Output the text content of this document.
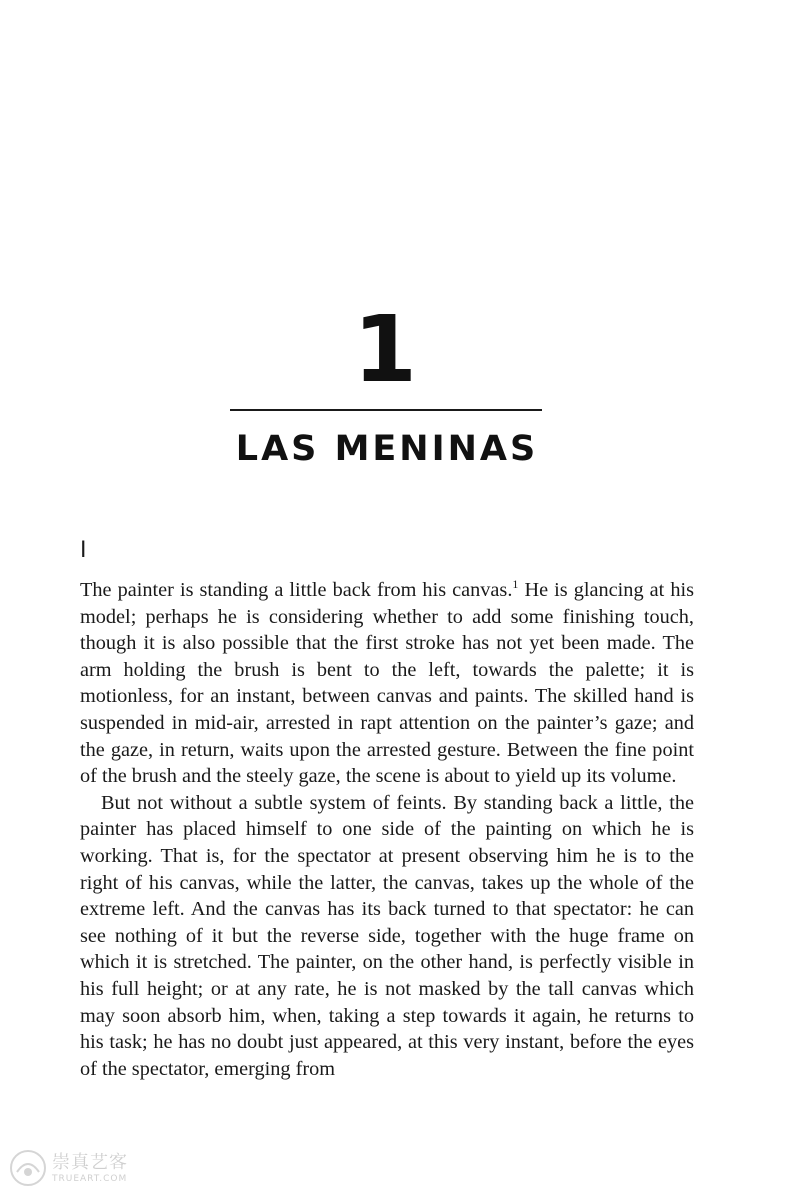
1
LAS MENINAS
I

The painter is standing a little back from his canvas.$^1$ He is glancing at his model; perhaps he is considering whether to add some finishing touch, though it is also possible that the first stroke has not yet been made. The arm holding the brush is bent to the left, towards the palette; it is motionless, for an instant, between canvas and paints. The skilled hand is suspended in mid-air, arrested in rapt attention on the painter’s gaze; and the gaze, in return, waits upon the arrested gesture. Between the fine point of the brush and the steely gaze, the scene is about to yield up its volume.

But not without a subtle system of feints. By standing back a little, the painter has placed himself to one side of the painting on which he is working. That is, for the spectator at present observing him he is to the right of his canvas, while the latter, the canvas, takes up the whole of the extreme left. And the canvas has its back turned to that spectator: he can see nothing of it but the reverse side, together with the huge frame on which it is stretched. The painter, on the other hand, is perfectly visible in his full height; or at any rate, he is not masked by the tall canvas which may soon absorb him, when, taking a step towards it again, he returns to his task; he has no doubt just appeared, at this very instant, before the eyes of the spectator, emerging from

崇真艺客
TRUEART.COM
